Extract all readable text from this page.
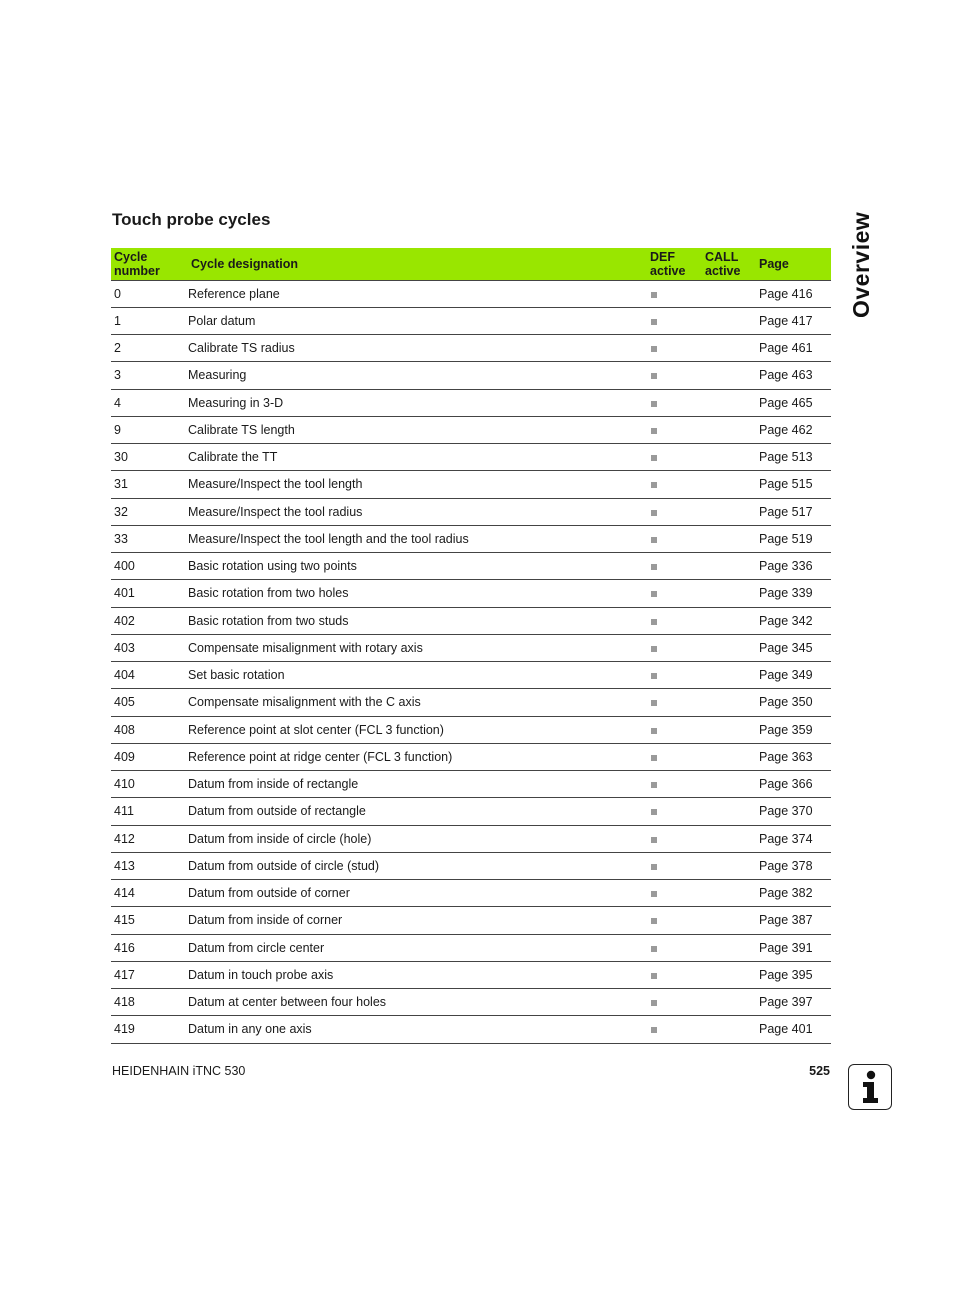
Touch probe cycles	Overview
Cycle
number	Cycle designation	DEF
active	CALL
active	Page
0	Reference plane			Page 416
1	Polar datum			Page 417
2	Calibrate TS radius			Page 461
3	Measuring			Page 463
4	Measuring in 3-D			Page 465
9	Calibrate TS length			Page 462
30	Calibrate the TT			Page 513
31	Measure/Inspect the tool length			Page 515
32	Measure/Inspect the tool radius			Page 517
33	Measure/Inspect the tool length and the tool radius			Page 519
400	Basic rotation using two points			Page 336
401	Basic rotation from two holes			Page 339
402	Basic rotation from two studs			Page 342
403	Compensate misalignment with rotary axis			Page 345
404	Set basic rotation			Page 349
405	Compensate misalignment with the C axis			Page 350
408	Reference point at slot center (FCL 3 function)			Page 359
409	Reference point at ridge center (FCL 3 function)			Page 363
410	Datum from inside of rectangle			Page 366
411	Datum from outside of rectangle			Page 370
412	Datum from inside of circle (hole)			Page 374
413	Datum from outside of circle (stud)			Page 378
414	Datum from outside of corner			Page 382
415	Datum from inside of corner			Page 387
416	Datum from circle center			Page 391
417	Datum in touch probe axis			Page 395
418	Datum at center between four holes			Page 397
419	Datum in any one axis			Page 401
HEIDENHAIN iTNC 530	525
